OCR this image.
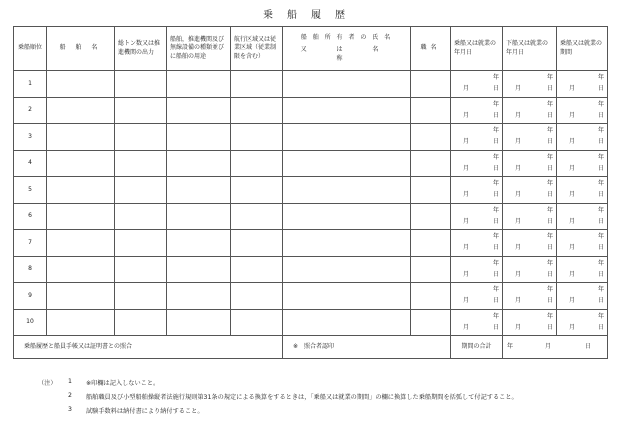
乗船履歴
乗船順位	船 舶 名	総トン数又は推進機関の出力	船舶，推進機関及び無線設備の種類並びに船舶の用途	航行区域又は従業区域（従業制限を含む）	船 舶 所 有 者 の 氏 名
又 は 名 称	職名	乗船又は就業の年月日	下船又は就業の年月日	乗船又は就業の期間
1							年
月 日	年
月 日	年
月 日

2							年
月 日	年
月 日	年
月 日

3							年
月 日	年
月 日	年
月 日

4							年
月 日	年
月 日	年
月 日

5							年
月 日	年
月 日	年
月 日

6							年
月 日	年
月 日	年
月 日

7							年
月 日	年
月 日	年
月 日

8							年
月 日	年
月 日	年
月 日

9							年
月 日	年
月 日	年
月 日

10							年
月 日	年
月 日	年
月 日

乗船履歴と船員手帳又は証明書との照合					※　照合者認印		期間の合計	年 月 日	
（注） 1 ※印欄は記入しないこと。
2 船舶職員及び小型船舶操縦者法施行規則第31条の規定による換算をするときは，「乗船又は就業の期間」の欄に換算した乗船期間を括弧して付記すること。
3 試験手数料は納付書により納付すること。
